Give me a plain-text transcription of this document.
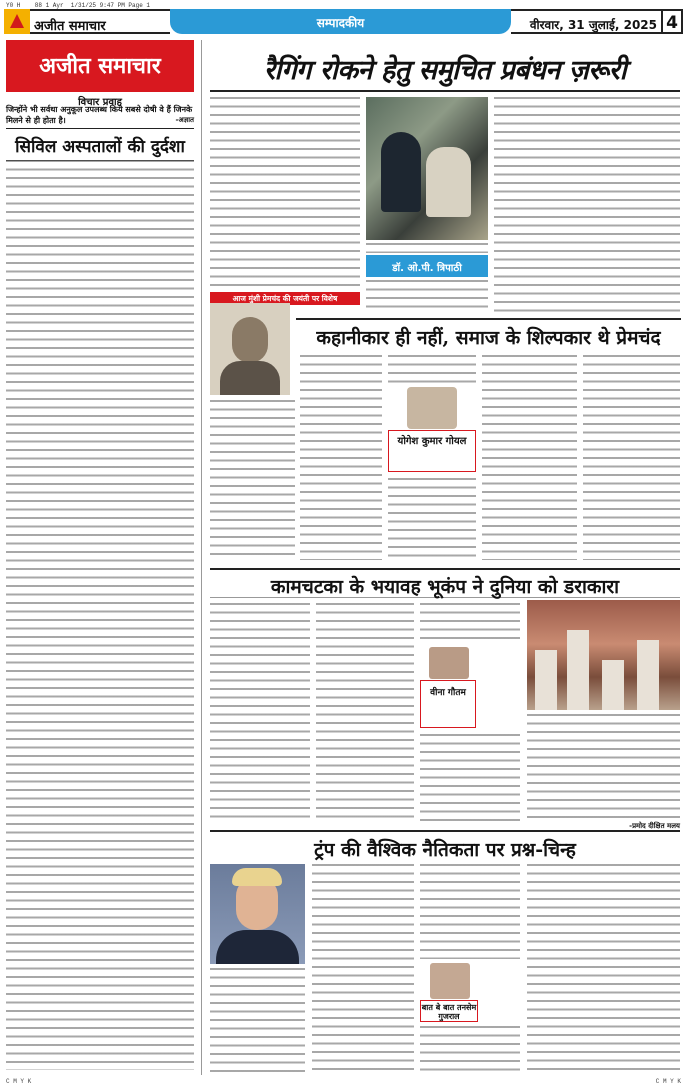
Y0 H 88 1 Ayr 1/31/25 9:47 PM Page 1
अजीत समाचार	सम्पादकीय	वीरवार, 31 जुलाई, 2025 4
अजीत समाचार
विचार प्रवाह
जिन्होंने भी सर्वथा अनुकूल उपलब्ध किये सबसे दोषी वे हैं जिनके मिलने से ही होता है।	-अज्ञात
सिविल अस्पतालों की दुर्दशा
रैगिंग रोकने हेतु समुचित प्रबंधन ज़रूरी
डॉ. ओ.पी. त्रिपाठी
आज मुंशी प्रेमचंद की जयंती पर विशेष
कहानीकार ही नहीं, समाज के शिल्पकार थे प्रेमचंद
योगेश कुमार गोयल
कामचटका के भयावह भूकंप ने दुनिया को डराकारा
वीना गौतम
-प्रमोद दीक्षित मलय
ट्रंप की वैश्विक नैतिकता पर प्रश्न-चिन्ह
बात बे बात तनसेम गुजराल
C M Y K	C M Y K
